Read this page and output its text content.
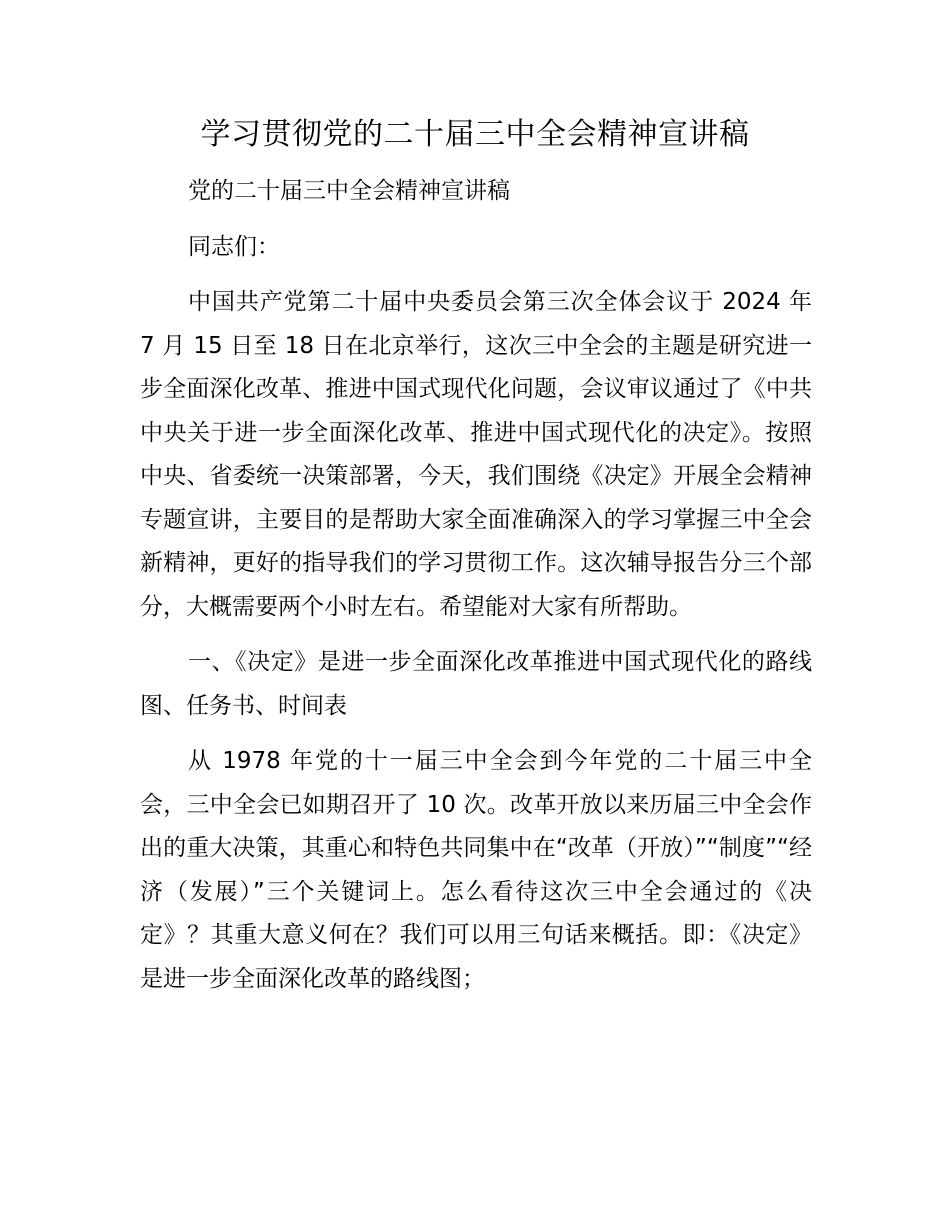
学习贯彻党的二十届三中全会精神宣讲稿

党的二十届三中全会精神宣讲稿

同志们：

中国共产党第二十届中央委员会第三次全体会议于 2024 年 7 月 15 日至 18 日在北京举行，这次三中全会的主题是研究进一步全面深化改革、推进中国式现代化问题，会议审议通过了《中共中央关于进一步全面深化改革、推进中国式现代化的决定》。按照中央、省委统一决策部署，今天，我们围绕《决定》开展全会精神专题宣讲，主要目的是帮助大家全面准确深入的学习掌握三中全会新精神，更好的指导我们的学习贯彻工作。这次辅导报告分三个部分，大概需要两个小时左右。希望能对大家有所帮助。

一、《决定》是进一步全面深化改革推进中国式现代化的路线图、任务书、时间表

从 1978 年党的十一届三中全会到今年党的二十届三中全会，三中全会已如期召开了 10 次。改革开放以来历届三中全会作出的重大决策，其重心和特色共同集中在“改革（开放）”“制度”“经济（发展）”三个关键词上。怎么看待这次三中全会通过的《决定》？其重大意义何在？我们可以用三句话来概括。即：《决定》是进一步全面深化改革的路线图；
